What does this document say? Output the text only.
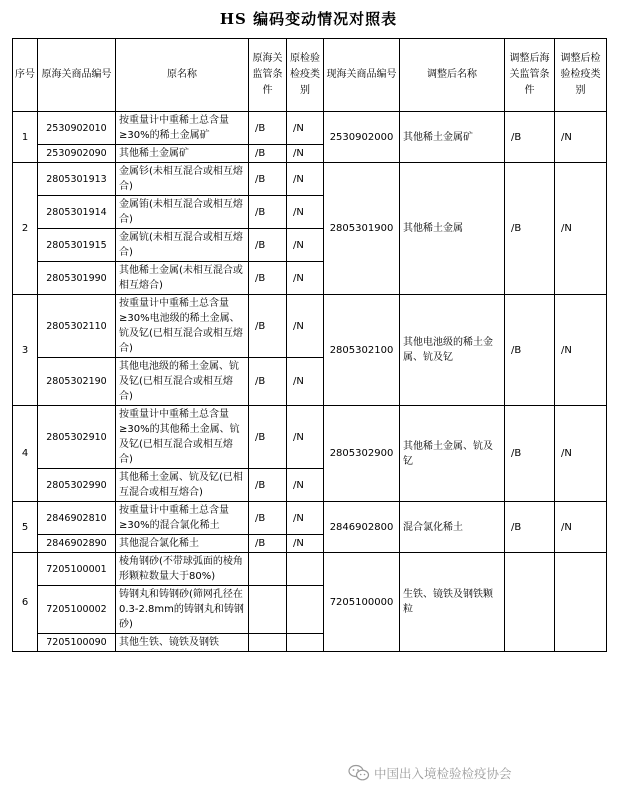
HS 编码变动情况对照表
序号	原海关商品编号	原名称	原海关监管条件	原检验检疫类别	现海关商品编号	调整后名称	调整后海关监管条件	调整后检验检疫类别
1	2530902010	按重量计中重稀土总含量≥30%的稀土金属矿	/B	/N	2530902000	其他稀土金属矿	/B	/N
	2530902090	其他稀土金属矿	/B	/N				
2	2805301913	金属钐(未相互混合或相互熔合)	/B	/N	2805301900	其他稀土金属	/B	/N
	2805301914	金属铕(未相互混合或相互熔合)	/B	/N				
	2805301915	金属钪(未相互混合或相互熔合)	/B	/N				
	2805301990	其他稀土金属(未相互混合或相互熔合)	/B	/N				
3	2805302110	按重量计中重稀土总含量≥30%电池级的稀土金属、钪及钇(已相互混合或相互熔合)	/B	/N	2805302100	其他电池级的稀土金属、钪及钇	/B	/N
	2805302190	其他电池级的稀土金属、钪及钇(已相互混合或相互熔合)	/B	/N				
4	2805302910	按重量计中重稀土总含量≥30%的其他稀土金属、钪及钇(已相互混合或相互熔合)	/B	/N	2805302900	其他稀土金属、钪及钇	/B	/N
	2805302990	其他稀土金属、钪及钇(已相互混合或相互熔合)	/B	/N				
5	2846902810	按重量计中重稀土总含量≥30%的混合氯化稀土	/B	/N	2846902800	混合氯化稀土	/B	/N
	2846902890	其他混合氯化稀土	/B	/N				
6	7205100001	棱角钢砂(不带球弧面的棱角形颗粒数量大于80%)			7205100000	生铁、镜铁及钢铁颗粒		
	7205100002	铸钢丸和铸钢砂(筛网孔径在0.3-2.8mm的铸钢丸和铸钢砂)						
	7205100090	其他生铁、镜铁及钢铁						
中国出入境检验检疫协会
